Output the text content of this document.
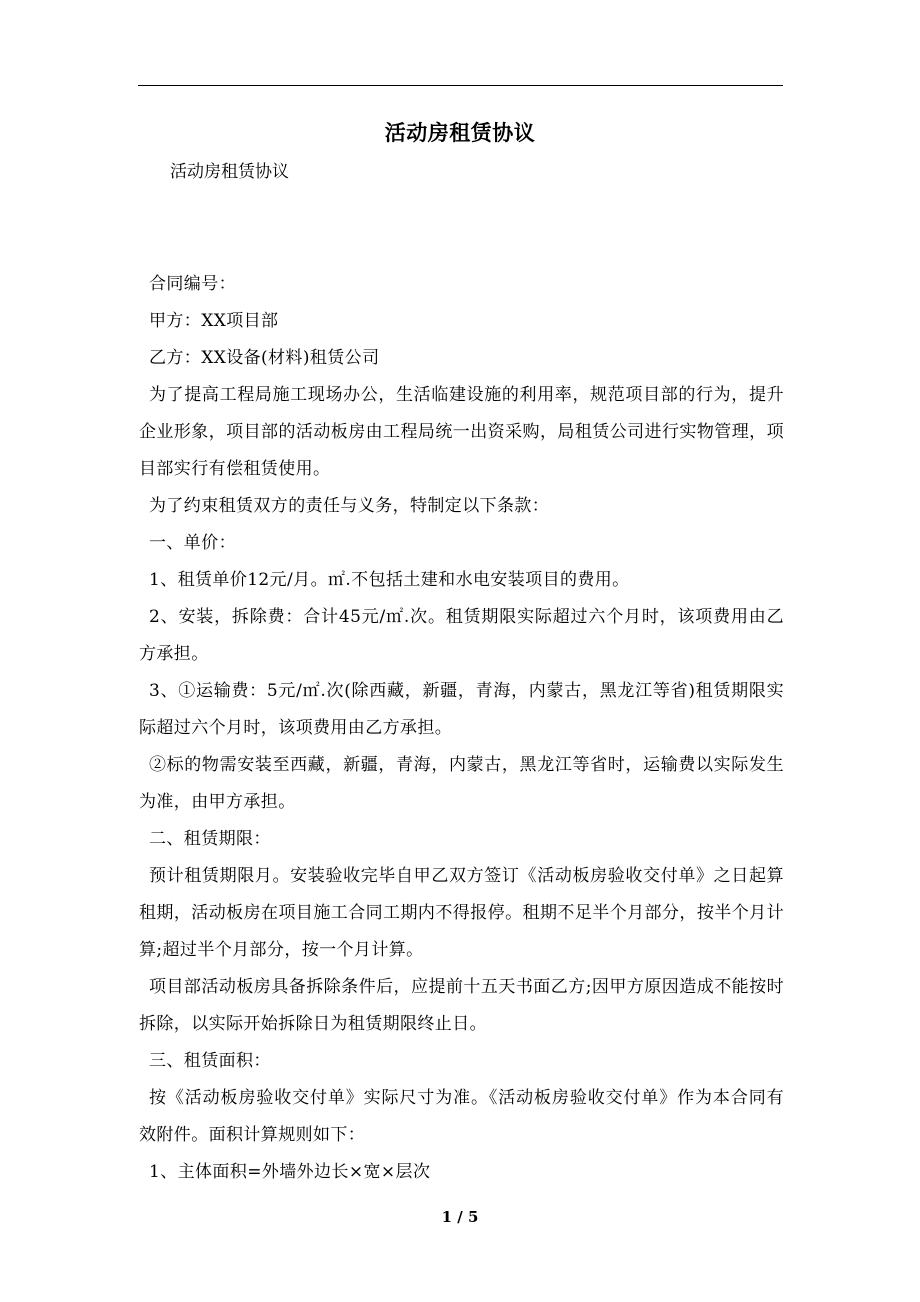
活动房租赁协议
活动房租赁协议

合同编号：

甲方：XX项目部

乙方：XX设备(材料)租赁公司

为了提高工程局施工现场办公，生活临建设施的利用率，规范项目部的行为，提升企业形象，项目部的活动板房由工程局统一出资采购，局租赁公司进行实物管理，项目部实行有偿租赁使用。

为了约束租赁双方的责任与义务，特制定以下条款：

一、单价：

1、租赁单价12元/月。㎡.不包括土建和水电安装项目的费用。

2、安装，拆除费：合计45元/㎡.次。租赁期限实际超过六个月时，该项费用由乙方承担。

3、①运输费：5元/㎡.次(除西藏，新疆，青海，内蒙古，黑龙江等省)租赁期限实际超过六个月时，该项费用由乙方承担。

②标的物需安装至西藏，新疆，青海，内蒙古，黑龙江等省时，运输费以实际发生为准，由甲方承担。

二、租赁期限：

预计租赁期限月。安装验收完毕自甲乙双方签订《活动板房验收交付单》之日起算租期，活动板房在项目施工合同工期内不得报停。租期不足半个月部分，按半个月计算;超过半个月部分，按一个月计算。

项目部活动板房具备拆除条件后，应提前十五天书面乙方;因甲方原因造成不能按时拆除，以实际开始拆除日为租赁期限终止日。

三、租赁面积：

按《活动板房验收交付单》实际尺寸为准。《活动板房验收交付单》作为本合同有效附件。面积计算规则如下：

1、主体面积=外墙外边长×宽×层次

1 / 5
